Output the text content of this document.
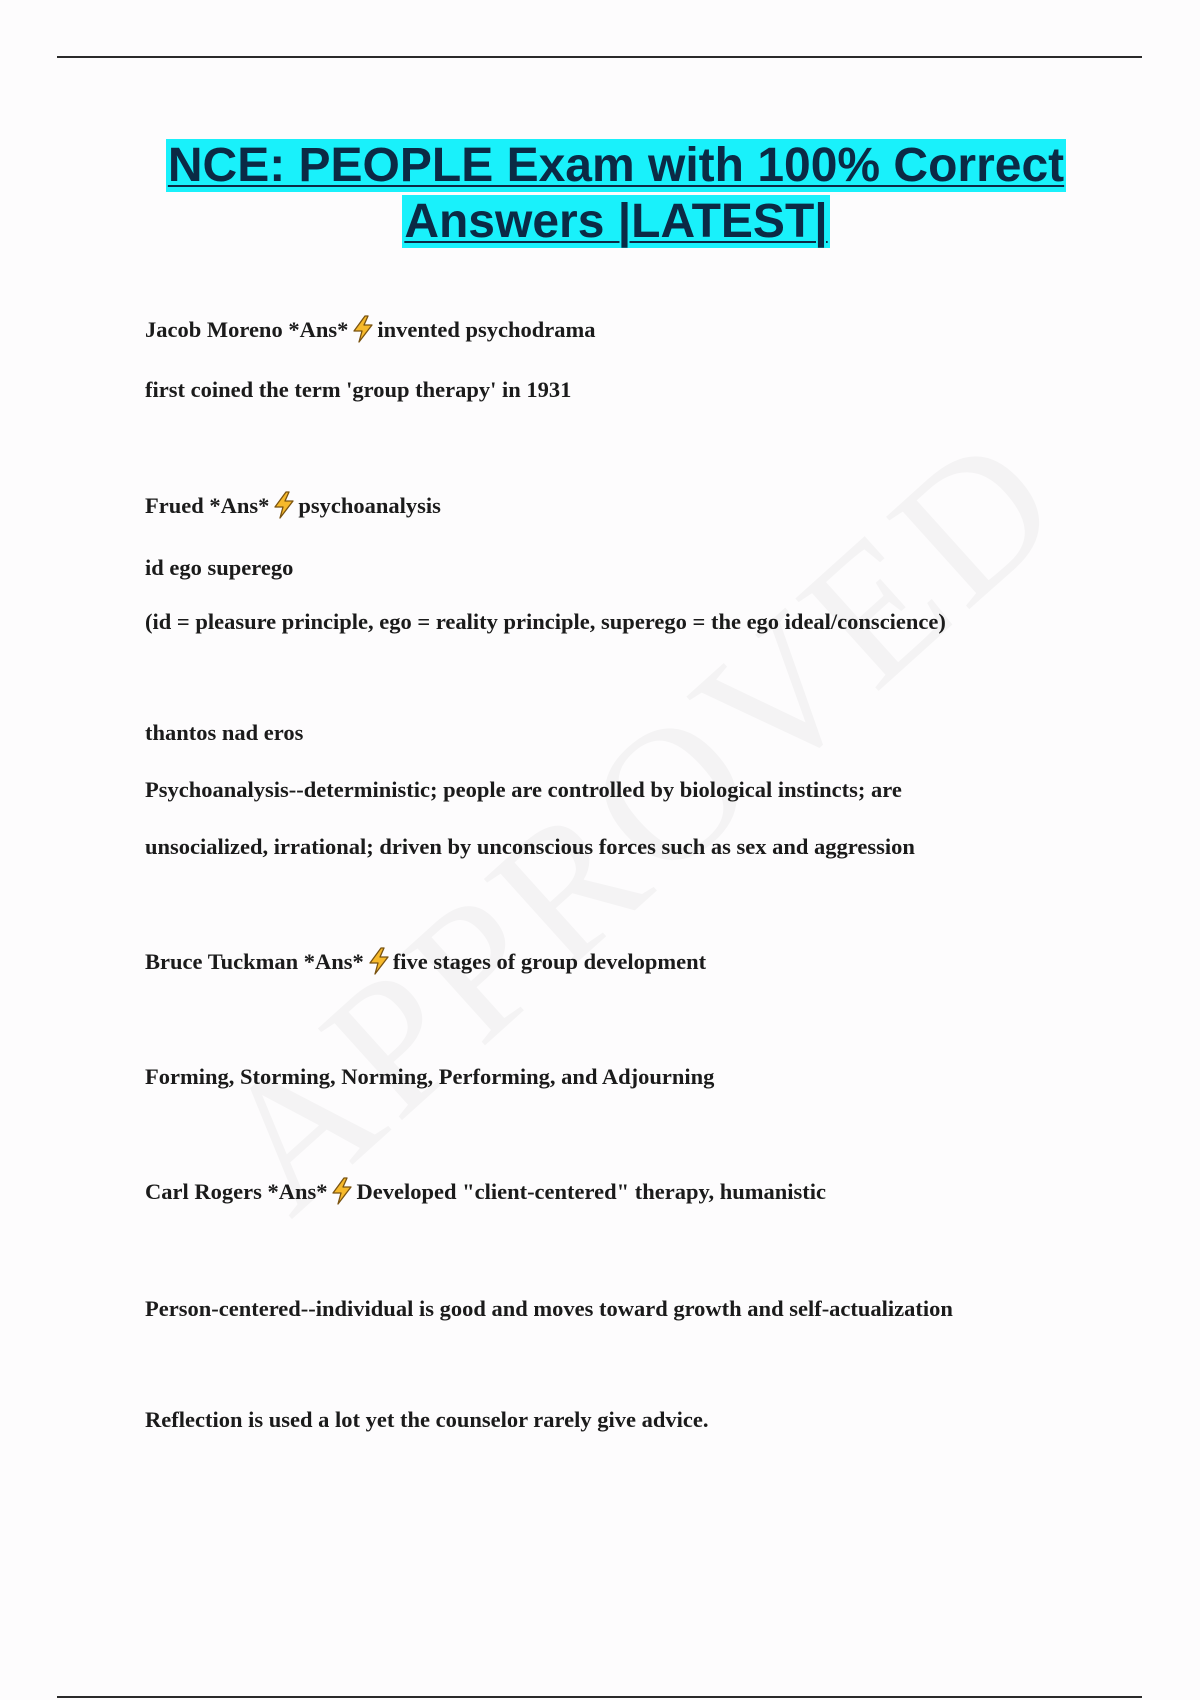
NCE: PEOPLE Exam with 100% Correct
Answers |LATEST|
Jacob Moreno *Ans* invented psychodrama
first coined the term 'group therapy' in 1931
Frued *Ans* psychoanalysis
id ego superego
(id = pleasure principle, ego = reality principle, superego = the ego ideal/conscience)
thantos nad eros
Psychoanalysis--deterministic; people are controlled by biological instincts; are
unsocialized, irrational; driven by unconscious forces such as sex and aggression
Bruce Tuckman *Ans* five stages of group development
Forming, Storming, Norming, Performing, and Adjourning
Carl Rogers *Ans* Developed "client-centered" therapy, humanistic
Person-centered--individual is good and moves toward growth and self-actualization
Reflection is used a lot yet the counselor rarely give advice.
